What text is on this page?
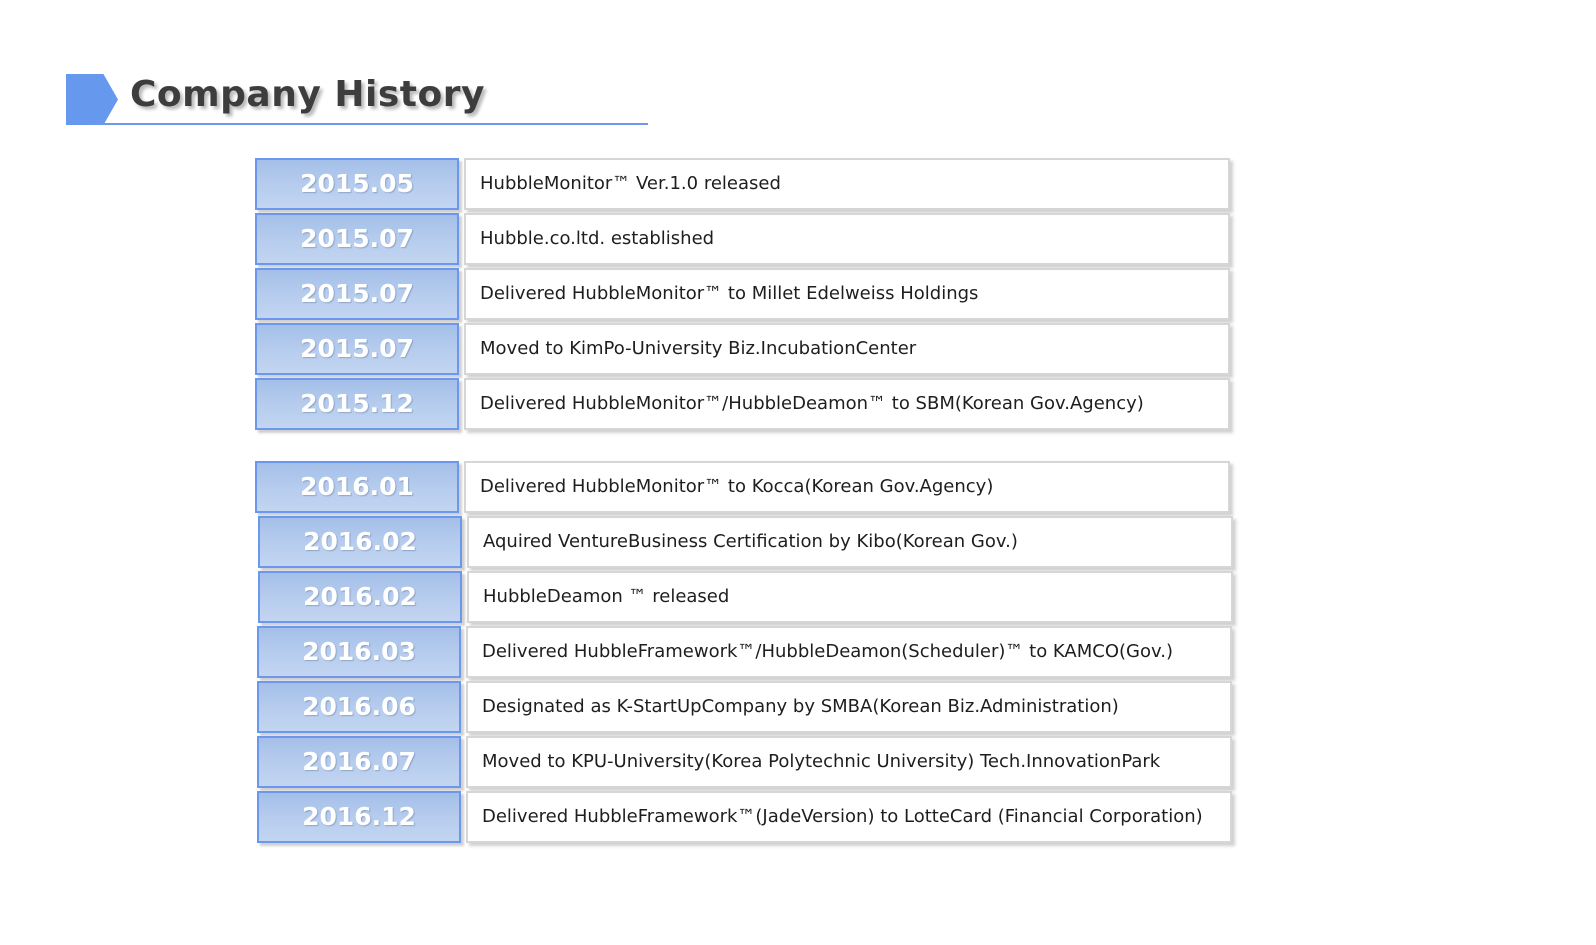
Company History
2015.05	HubbleMonitor™ Ver.1.0 released
2015.07	Hubble.co.ltd. established
2015.07	Delivered HubbleMonitor™ to Millet Edelweiss Holdings
2015.07	Moved to KimPo-University Biz.IncubationCenter
2015.12	Delivered HubbleMonitor™/HubbleDeamon™ to SBM(Korean Gov.Agency)
2016.01	Delivered HubbleMonitor™ to Kocca(Korean Gov.Agency)
2016.02	Aquired VentureBusiness Certification by Kibo(Korean Gov.)
2016.02	HubbleDeamon ™ released
2016.03	Delivered HubbleFramework™/HubbleDeamon(Scheduler)™ to KAMCO(Gov.)
2016.06	Designated as K-StartUpCompany by SMBA(Korean Biz.Administration)
2016.07	Moved to KPU-University(Korea Polytechnic University) Tech.InnovationPark
2016.12	Delivered HubbleFramework™(JadeVersion) to LotteCard (Financial Corporation)
